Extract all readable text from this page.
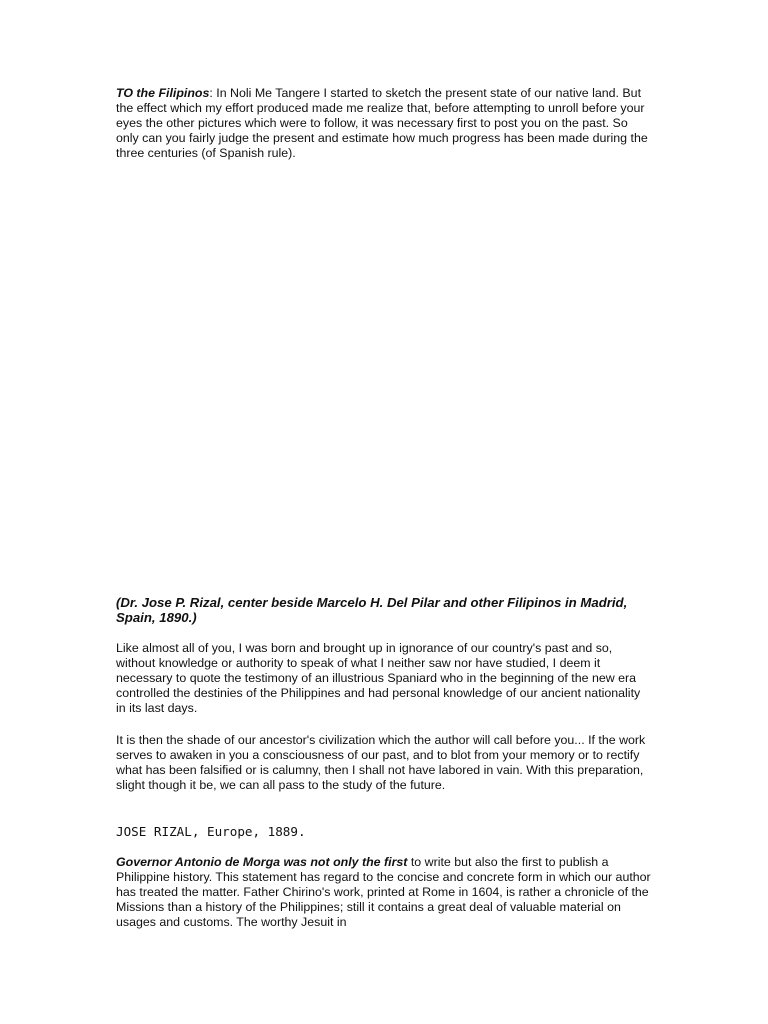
TO the Filipinos: In Noli Me Tangere I started to sketch the present state of our native land. But the effect which my effort produced made me realize that, before attempting to unroll before your eyes the other pictures which were to follow, it was necessary first to post you on the past. So only can you fairly judge the present and estimate how much progress has been made during the three centuries (of Spanish rule).

(Dr. Jose P. Rizal, center beside Marcelo H. Del Pilar and other Filipinos in Madrid, Spain, 1890.)

Like almost all of you, I was born and brought up in ignorance of our country's past and so, without knowledge or authority to speak of what I neither saw nor have studied, I deem it necessary to quote the testimony of an illustrious Spaniard who in the beginning of the new era controlled the destinies of the Philippines and had personal knowledge of our ancient nationality in its last days.

It is then the shade of our ancestor's civilization which the author will call before you... If the work serves to awaken in you a consciousness of our past, and to blot from your memory or to rectify what has been falsified or is calumny, then I shall not have labored in vain. With this preparation, slight though it be, we can all pass to the study of the future.

JOSE RIZAL, Europe, 1889.

Governor Antonio de Morga was not only the first to write but also the first to publish a Philippine history. This statement has regard to the concise and concrete form in which our author has treated the matter. Father Chirino's work, printed at Rome in 1604, is rather a chronicle of the Missions than a history of the Philippines; still it contains a great deal of valuable material on usages and customs. The worthy Jesuit in
